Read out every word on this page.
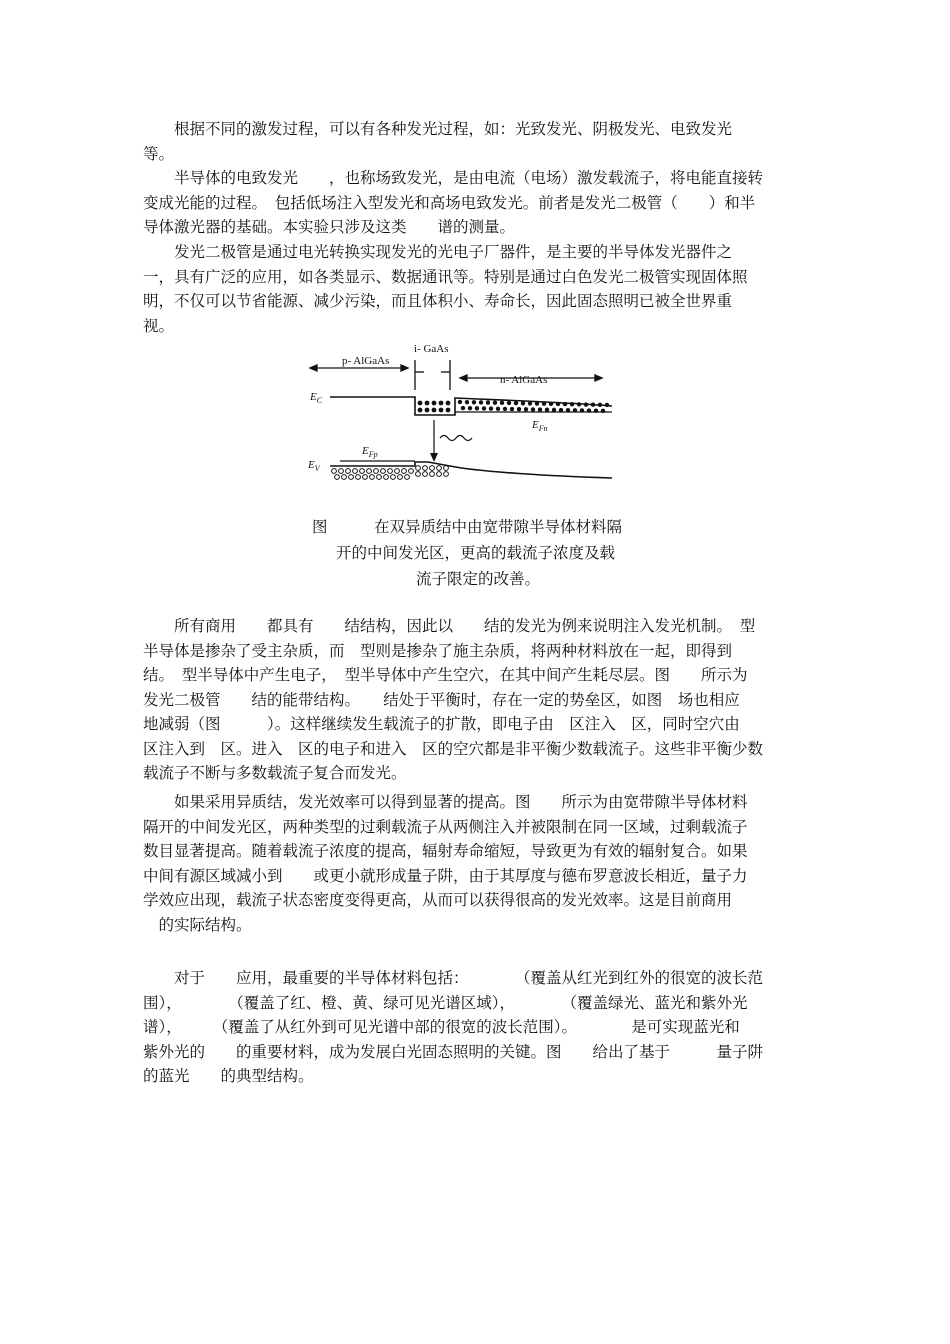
　　根据不同的激发过程，可以有各种发光过程，如：光致发光、阴极发光、电致发光
等。
　　半导体的电致发光　　，也称场致发光，是由电流（电场）激发载流子，将电能直接转
变成光能的过程。　包括低场注入型发光和高场电致发光。前者是发光二极管（　　）和半
导体激光器的基础。本实验只涉及这类　　谱的测量。
　　发光二极管是通过电光转换实现发光的光电子厂器件，是主要的半导体发光器件之
一，具有广泛的应用，如各类显示、数据通讯等。特别是通过白色发光二极管实现固体照
明，不仅可以节省能源、减少污染，而且体积小、寿命长，因此固态照明已被全世界重
视。
p- AlGaAs
i- GaAs
n- AlGaAs
$E_C$
$E_{Fn}$
$E_{Fp}$
$E_V$
图　　　在双异质结中由宽带隙半导体材料隔
开的中间发光区，更高的载流子浓度及载
流子限定的改善。
　　所有商用　　都具有　　结结构，因此以　　结的发光为例来说明注入发光机制。　型
半导体是掺杂了受主杂质，而　型则是掺杂了施主杂质，将两种材料放在一起，即得到
结。　型半导体中产生电子，　型半导体中产生空穴，在其中间产生耗尽层。图　　所示为
发光二极管　　结的能带结构。　　结处于平衡时，存在一定的势垒区，如图　场也相应
地减弱（图　　　）。这样继续发生载流子的扩散，即电子由　区注入　区，同时空穴由
区注入到　区。进入　区的电子和进入　区的空穴都是非平衡少数载流子。这些非平衡少数
载流子不断与多数载流子复合而发光。
　　如果采用异质结，发光效率可以得到显著的提高。图　　所示为由宽带隙半导体材料
隔开的中间发光区，两种类型的过剩载流子从两侧注入并被限制在同一区域，过剩载流子
数目显著提高。随着载流子浓度的提高，辐射寿命缩短，导致更为有效的辐射复合。如果
中间有源区域减小到　　或更小就形成量子阱，由于其厚度与德布罗意波长相近，量子力
学效应出现，载流子状态密度变得更高，从而可以获得很高的发光效率。这是目前商用
　的实际结构。
　　对于　　应用，最重要的半导体材料包括：　　　　（覆盖从红光到红外的很宽的波长范
围），　　　　（覆盖了红、橙、黄、绿可见光谱区域），　　　　（覆盖绿光、蓝光和紫外光
谱），　　　（覆盖了从红外到可见光谱中部的很宽的波长范围）。　　　　是可实现蓝光和
紫外光的　　的重要材料，成为发展白光固态照明的关键。图　　给出了基于　　　量子阱
的蓝光　　的典型结构。
